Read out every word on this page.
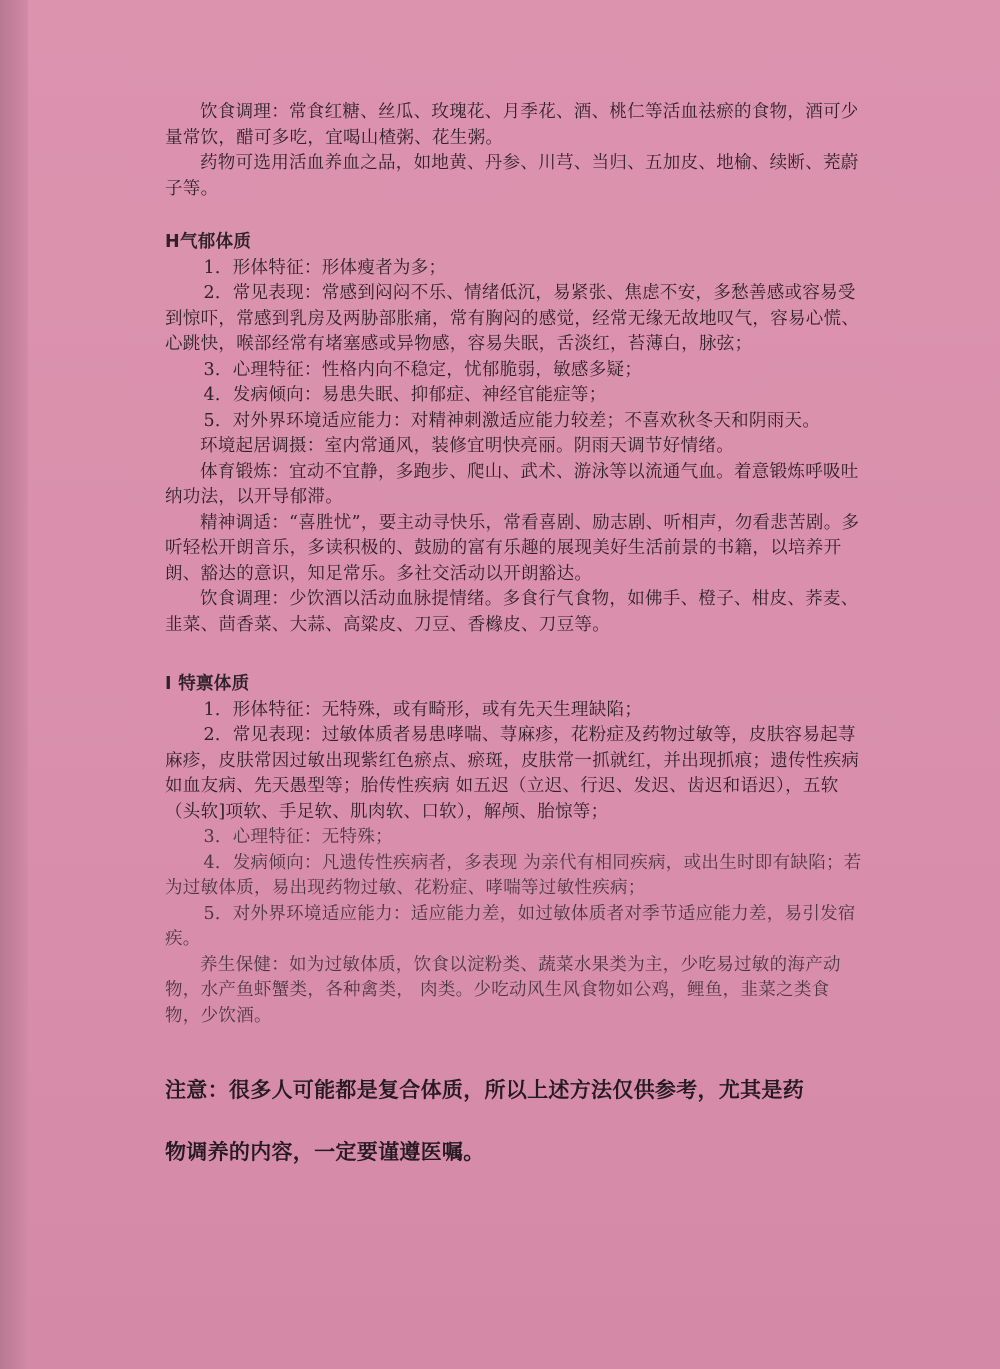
饮食调理：常食红糖、丝瓜、玫瑰花、月季花、酒、桃仁等活血祛瘀的食物，酒可少量常饮，醋可多吃，宜喝山楂粥、花生粥。

药物可选用活血养血之品，如地黄、丹参、川芎、当归、五加皮、地榆、续断、茺蔚子等。

H气郁体质

1．形体特征：形体瘦者为多；

2．常见表现：常感到闷闷不乐、情绪低沉，易紧张、焦虑不安，多愁善感或容易受到惊吓，常感到乳房及两胁部胀痛，常有胸闷的感觉，经常无缘无故地叹气，容易心慌、心跳快，喉部经常有堵塞感或异物感，容易失眠，舌淡红，苔薄白，脉弦；

3．心理特征：性格内向不稳定，忧郁脆弱，敏感多疑；

4．发病倾向：易患失眠、抑郁症、神经官能症等；

5．对外界环境适应能力：对精神刺激适应能力较差；不喜欢秋冬天和阴雨天。

环境起居调摄：室内常通风，装修宜明快亮丽。阴雨天调节好情绪。

体育锻炼：宜动不宜静，多跑步、爬山、武术、游泳等以流通气血。着意锻炼呼吸吐纳功法，以开导郁滞。

精神调适：“喜胜忧”，要主动寻快乐，常看喜剧、励志剧、听相声，勿看悲苦剧。多听轻松开朗音乐，多读积极的、鼓励的富有乐趣的展现美好生活前景的书籍，以培养开朗、豁达的意识，知足常乐。多社交活动以开朗豁达。

饮食调理：少饮酒以活动血脉提情绪。多食行气食物，如佛手、橙子、柑皮、荞麦、韭菜、茴香菜、大蒜、高粱皮、刀豆、香橼皮、刀豆等。

I 特禀体质

1．形体特征：无特殊，或有畸形，或有先天生理缺陷；

2．常见表现：过敏体质者易患哮喘、荨麻疹，花粉症及药物过敏等，皮肤容易起荨麻疹，皮肤常因过敏出现紫红色瘀点、瘀斑，皮肤常一抓就红，并出现抓痕；遗传性疾病如血友病、先天愚型等；胎传性疾病 如五迟（立迟、行迟、发迟、齿迟和语迟），五软（头软]项软、手足软、肌肉软、口软），解颅、胎惊等；

3．心理特征：无特殊；

4．发病倾向：凡遗传性疾病者，多表现 为亲代有相同疾病，或出生时即有缺陷；若为过敏体质，易出现药物过敏、花粉症、哮喘等过敏性疾病；

5．对外界环境适应能力：适应能力差，如过敏体质者对季节适应能力差，易引发宿疾。

养生保健：如为过敏体质，饮食以淀粉类、蔬菜水果类为主，少吃易过敏的海产动物，水产鱼虾蟹类，各种禽类， 肉类。少吃动风生风食物如公鸡，鲤鱼，韭菜之类食物，少饮酒。

注意：很多人可能都是复合体质，所以上述方法仅供参考，尤其是药

物调养的内容，一定要谨遵医嘱。
